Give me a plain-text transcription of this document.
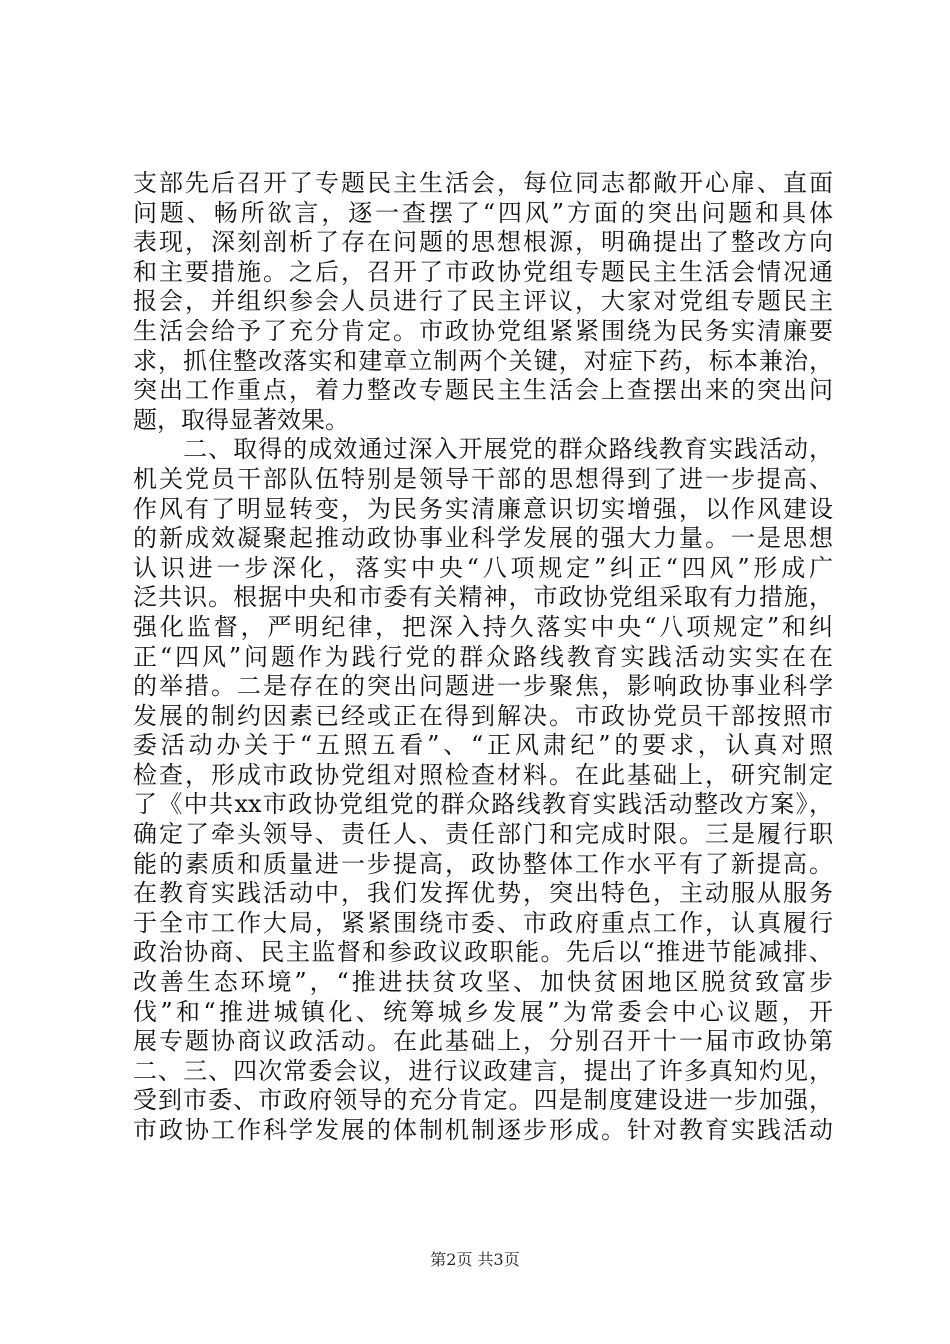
支部先后召开了专题民主生活会，每位同志都敞开心扉、直面
问题、畅所欲言，逐一查摆了“四风”方面的突出问题和具体
表现，深刻剖析了存在问题的思想根源，明确提出了整改方向
和主要措施。之后，召开了市政协党组专题民主生活会情况通
报会，并组织参会人员进行了民主评议，大家对党组专题民主
生活会给予了充分肯定。市政协党组紧紧围绕为民务实清廉要
求，抓住整改落实和建章立制两个关键，对症下药，标本兼治，
突出工作重点，着力整改专题民主生活会上查摆出来的突出问
题，取得显著效果。
　　二、取得的成效通过深入开展党的群众路线教育实践活动，
机关党员干部队伍特别是领导干部的思想得到了进一步提高、
作风有了明显转变，为民务实清廉意识切实增强，以作风建设
的新成效凝聚起推动政协事业科学发展的强大力量。一是思想
认识进一步深化，落实中央“八项规定”纠正“四风”形成广
泛共识。根据中央和市委有关精神，市政协党组采取有力措施，
强化监督，严明纪律，把深入持久落实中央“八项规定”和纠
正“四风”问题作为践行党的群众路线教育实践活动实实在在
的举措。二是存在的突出问题进一步聚焦，影响政协事业科学
发展的制约因素已经或正在得到解决。市政协党员干部按照市
委活动办关于“五照五看”、“正风肃纪”的要求，认真对照
检查，形成市政协党组对照检查材料。在此基础上，研究制定
了《中共xx市政协党组党的群众路线教育实践活动整改方案》，
确定了牵头领导、责任人、责任部门和完成时限。三是履行职
能的素质和质量进一步提高，政协整体工作水平有了新提高。
在教育实践活动中，我们发挥优势，突出特色，主动服从服务
于全市工作大局，紧紧围绕市委、市政府重点工作，认真履行
政治协商、民主监督和参政议政职能。先后以“推进节能减排、
改善生态环境”，“推进扶贫攻坚、加快贫困地区脱贫致富步
伐”和“推进城镇化、统筹城乡发展”为常委会中心议题，开
展专题协商议政活动。在此基础上，分别召开十一届市政协第
二、三、四次常委会议，进行议政建言，提出了许多真知灼见，
受到市委、市政府领导的充分肯定。四是制度建设进一步加强，
市政协工作科学发展的体制机制逐步形成。针对教育实践活动
第2页 共3页
